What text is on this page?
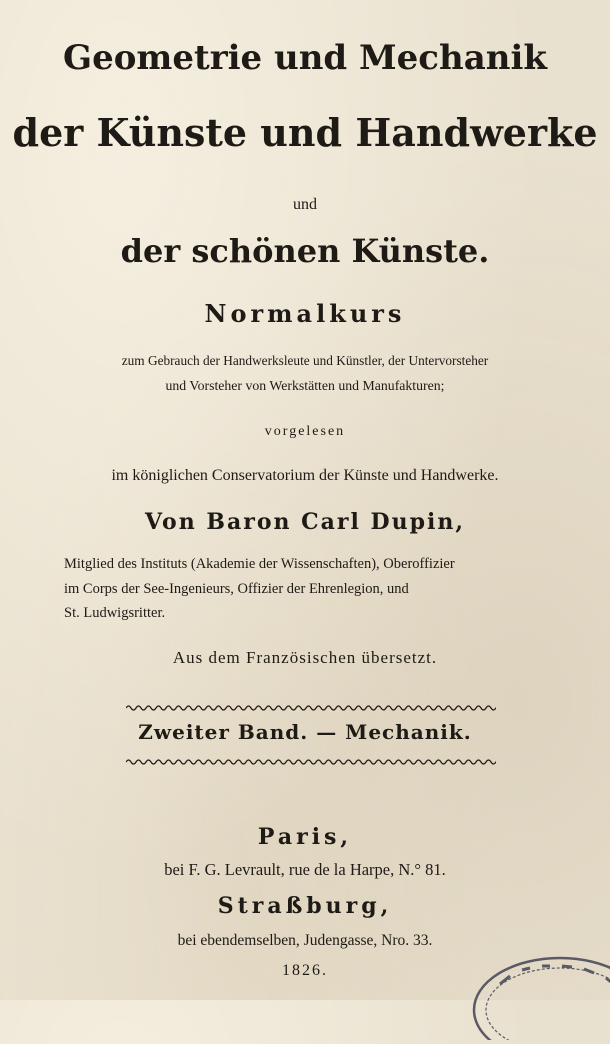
Geometrie und Mechanik
der Künste und Handwerke
und
der schönen Künste.
Normalkurs
zum Gebrauch der Handwerksleute und Künstler, der Untervorsteher
und Vorsteher von Werkstätten und Manufakturen;
vorgelesen
im königlichen Conservatorium der Künste und Handwerke.
Von Baron Carl Dupin,
Mitglied des Instituts (Akademie der Wissenschaften), Oberoffizier
im Corps der See-Ingenieurs, Offizier der Ehrenlegion, und
St. Ludwigsritter.
Aus dem Französischen übersetzt.
Zweiter Band. — Mechanik.
Paris,
bei F. G. Levrault, rue de la Harpe, N.° 81.
Straßburg,
bei ebendemselben, Judengasse, Nro. 33.
1826.
